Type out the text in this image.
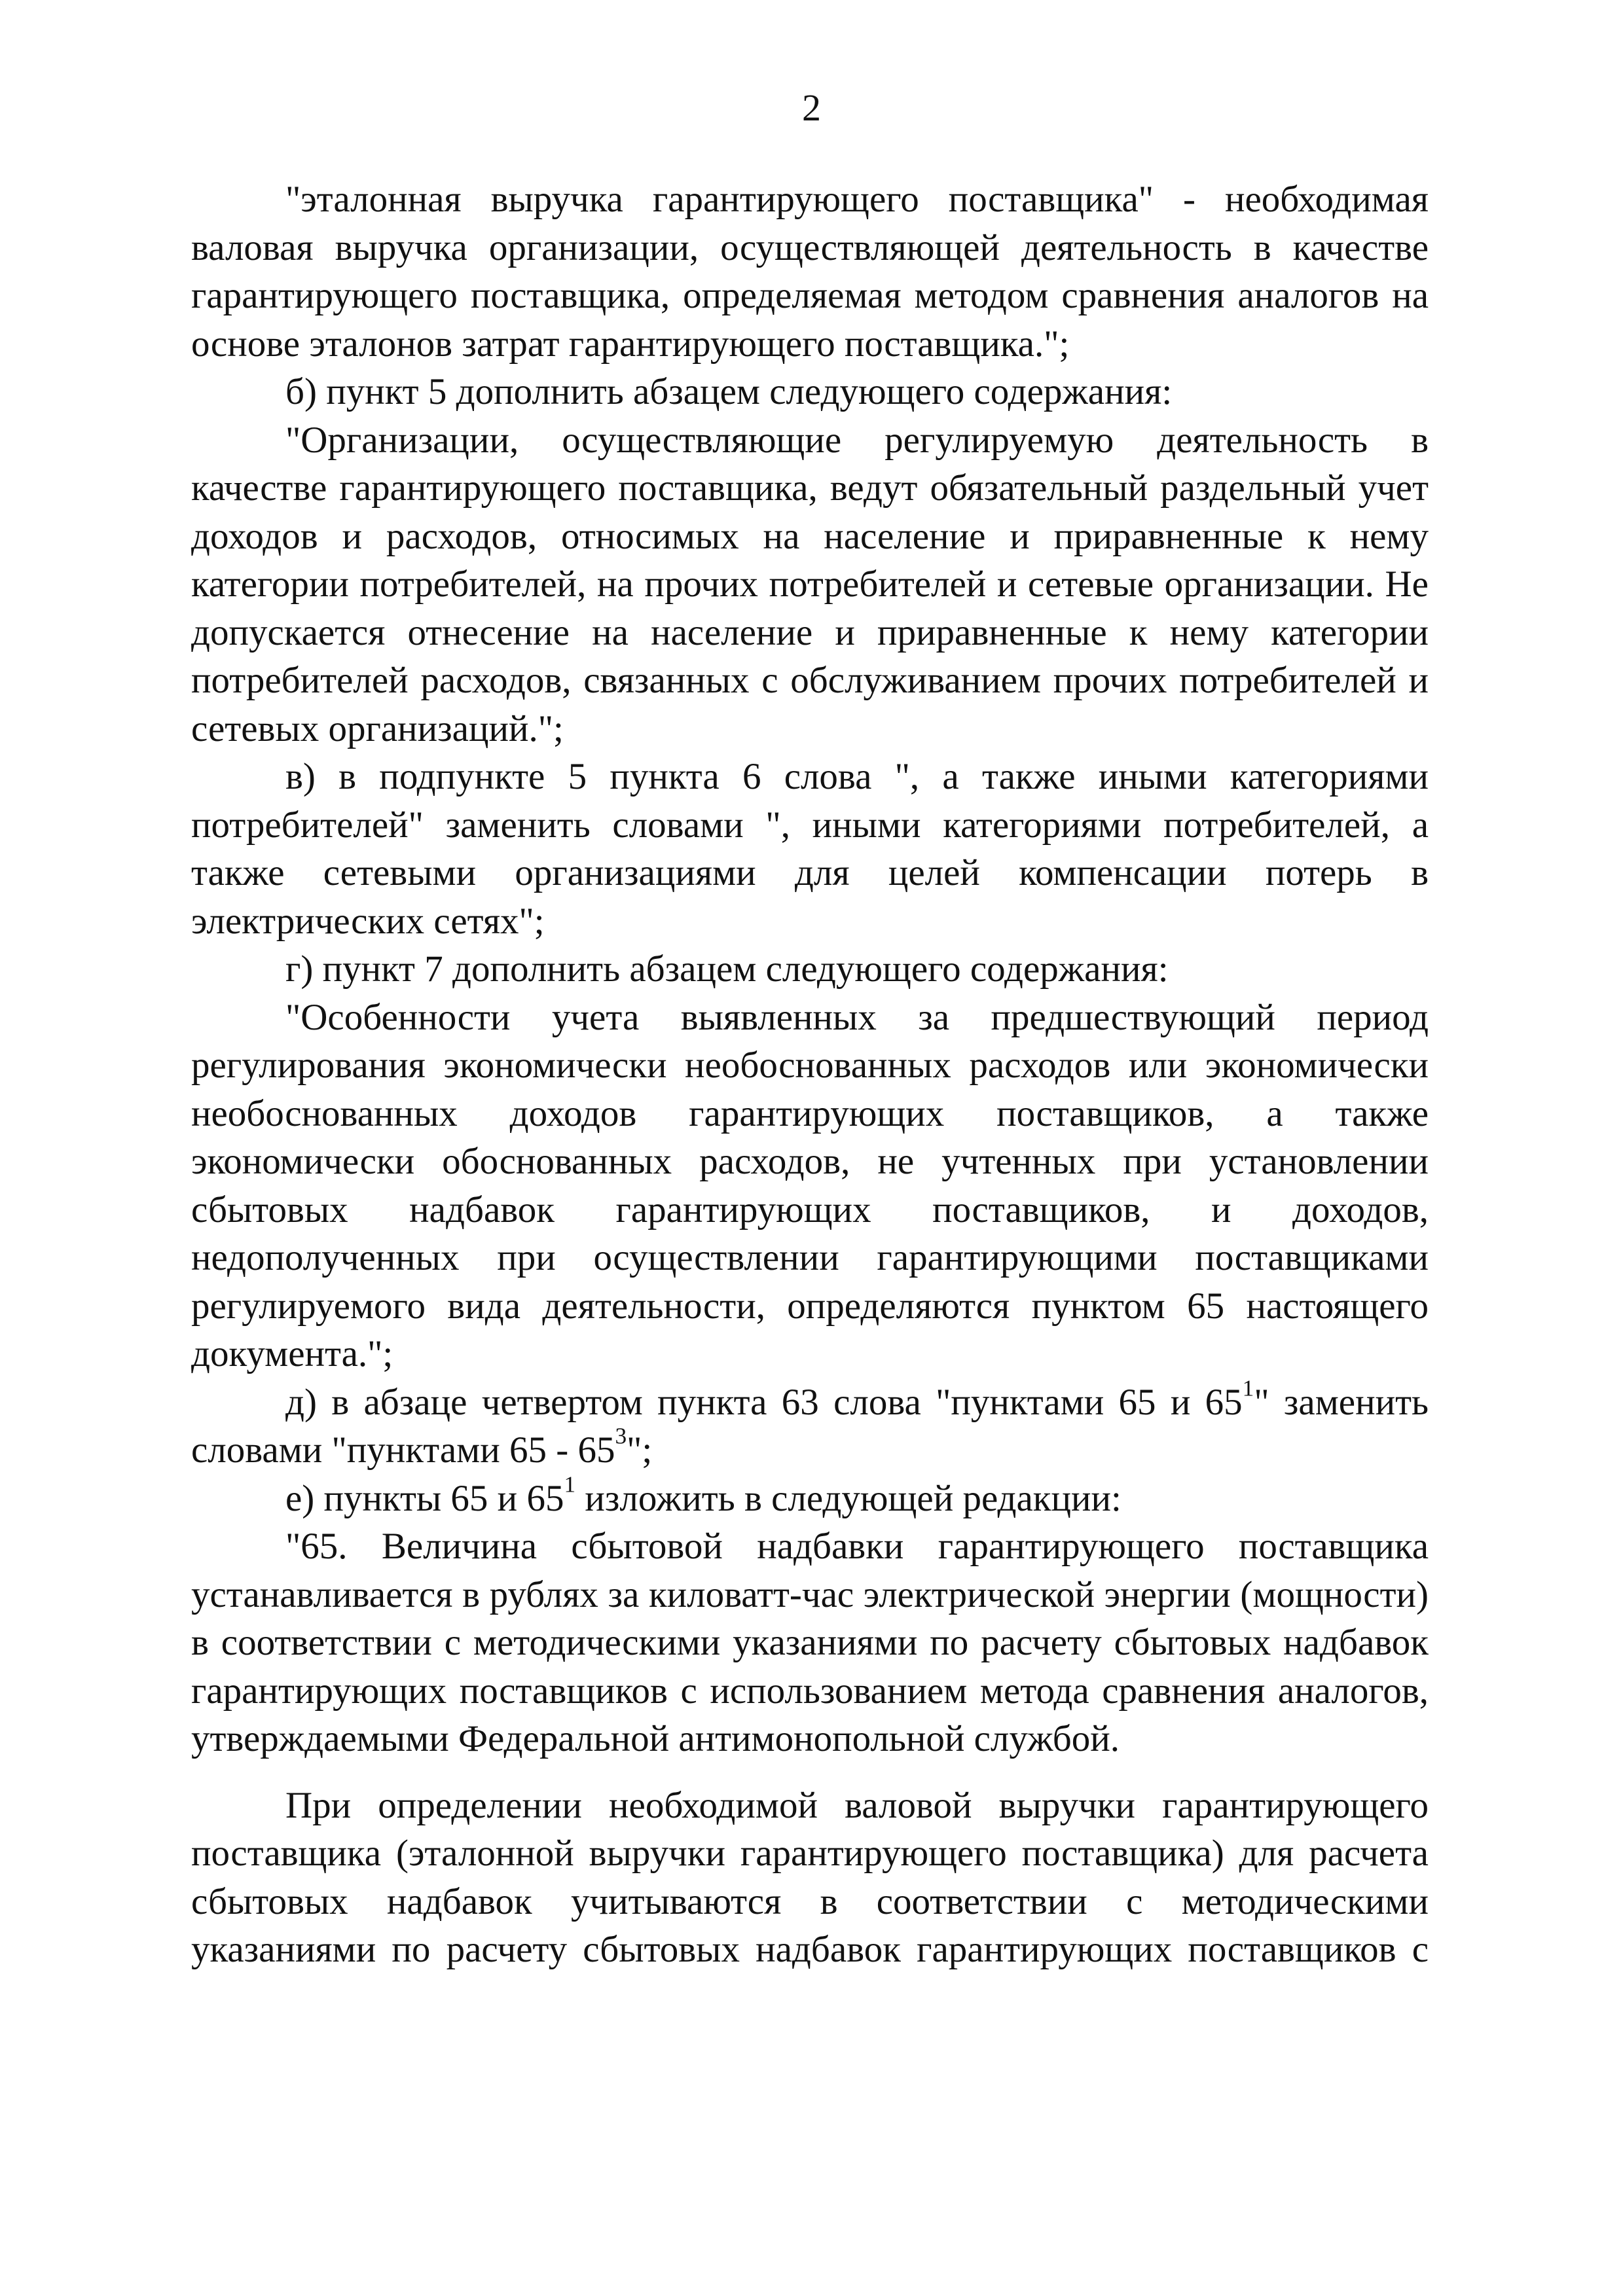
2

"эталонная выручка гарантирующего поставщика" - необходимая валовая выручка организации, осуществляющей деятельность в качестве гарантирующего поставщика, определяемая методом сравнения аналогов на основе эталонов затрат гарантирующего поставщика.";

б) пункт 5 дополнить абзацем следующего содержания:

"Организации, осуществляющие регулируемую деятельность в качестве гарантирующего поставщика, ведут обязательный раздельный учет доходов и расходов, относимых на население и приравненные к нему категории потребителей, на прочих потребителей и сетевые организации. Не допускается отнесение на население и приравненные к нему категории потребителей расходов, связанных с обслуживанием прочих потребителей и сетевых организаций.";

в) в подпункте 5 пункта 6 слова ", а также иными категориями потребителей" заменить словами ", иными категориями потребителей, а также сетевыми организациями для целей компенсации потерь в электрических сетях";

г) пункт 7 дополнить абзацем следующего содержания:

"Особенности учета выявленных за предшествующий период регулирования экономически необоснованных расходов или экономически необоснованных доходов гарантирующих поставщиков, а также экономически обоснованных расходов, не учтенных при установлении сбытовых надбавок гарантирующих поставщиков, и доходов, недополученных при осуществлении гарантирующими поставщиками регулируемого вида деятельности, определяются пунктом 65 настоящего документа.";

д) в абзаце четвертом пункта 63 слова "пунктами 65 и $65^1$" заменить словами "пунктами $65 - 65^3$";

е) пункты 65 и $65^1$ изложить в следующей редакции:

"65. Величина сбытовой надбавки гарантирующего поставщика устанавливается в рублях за киловатт-час электрической энергии (мощности) в соответствии с методическими указаниями по расчету сбытовых надбавок гарантирующих поставщиков с использованием метода сравнения аналогов, утверждаемыми Федеральной антимонопольной службой.

При определении необходимой валовой выручки гарантирующего поставщика (эталонной выручки гарантирующего поставщика) для расчета сбытовых надбавок учитываются в соответствии с методическими указаниями по расчету сбытовых надбавок гарантирующих поставщиков с
